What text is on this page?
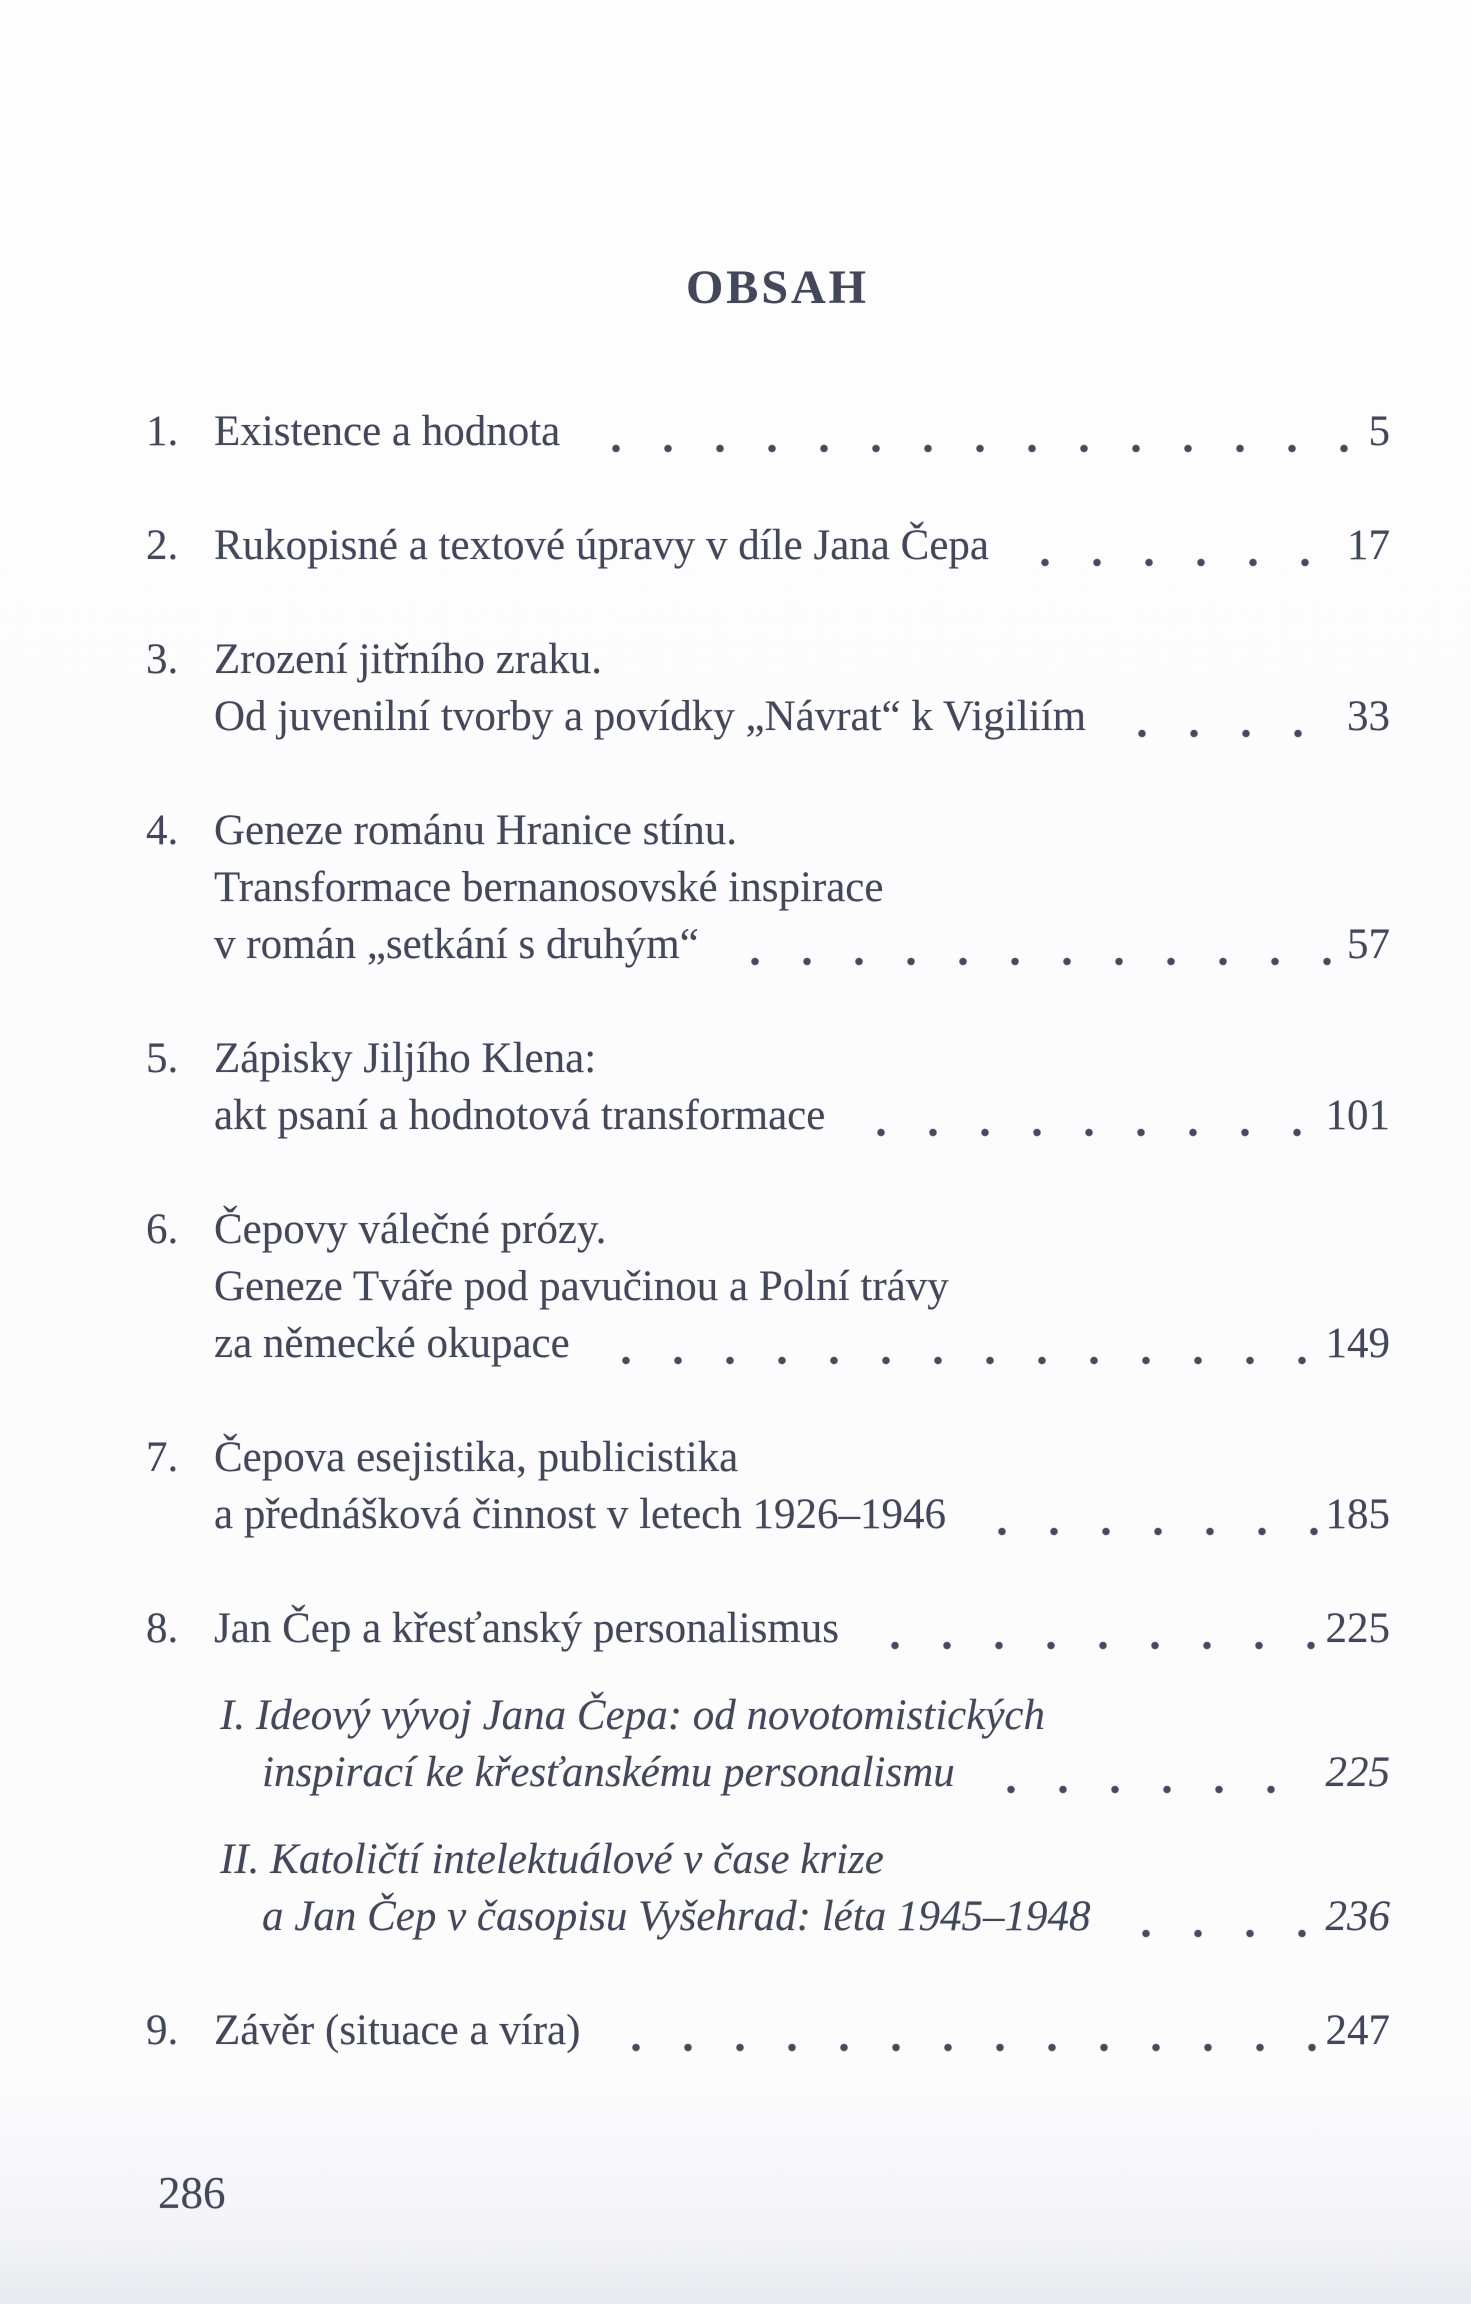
OBSAH
1. Existence a hodnota	5
2. Rukopisné a textové úpravy v díle Jana Čepa	17
3. Zrození jitřního zraku.
Od juvenilní tvorby a povídky „Návrat“ k Vigiliím	33
4. Geneze románu Hranice stínu.
Transformace bernanosovské inspirace
v román „setkání s druhým“	57
5. Zápisky Jiljího Klena:
akt psaní a hodnotová transformace	101
6. Čepovy válečné prózy.
Geneze Tváře pod pavučinou a Polní trávy
za německé okupace	149
7. Čepova esejistika, publicistika
a přednášková činnost v letech 1926–1946	185
8. Jan Čep a křesťanský personalismus	225
I. Ideový vývoj Jana Čepa: od novotomistických
inspirací ke křesťanskému personalismu	225
II. Katoličtí intelektuálové v čase krize
a Jan Čep v časopisu Vyšehrad: léta 1945–1948	236
9. Závěr (situace a víra)	247
286
